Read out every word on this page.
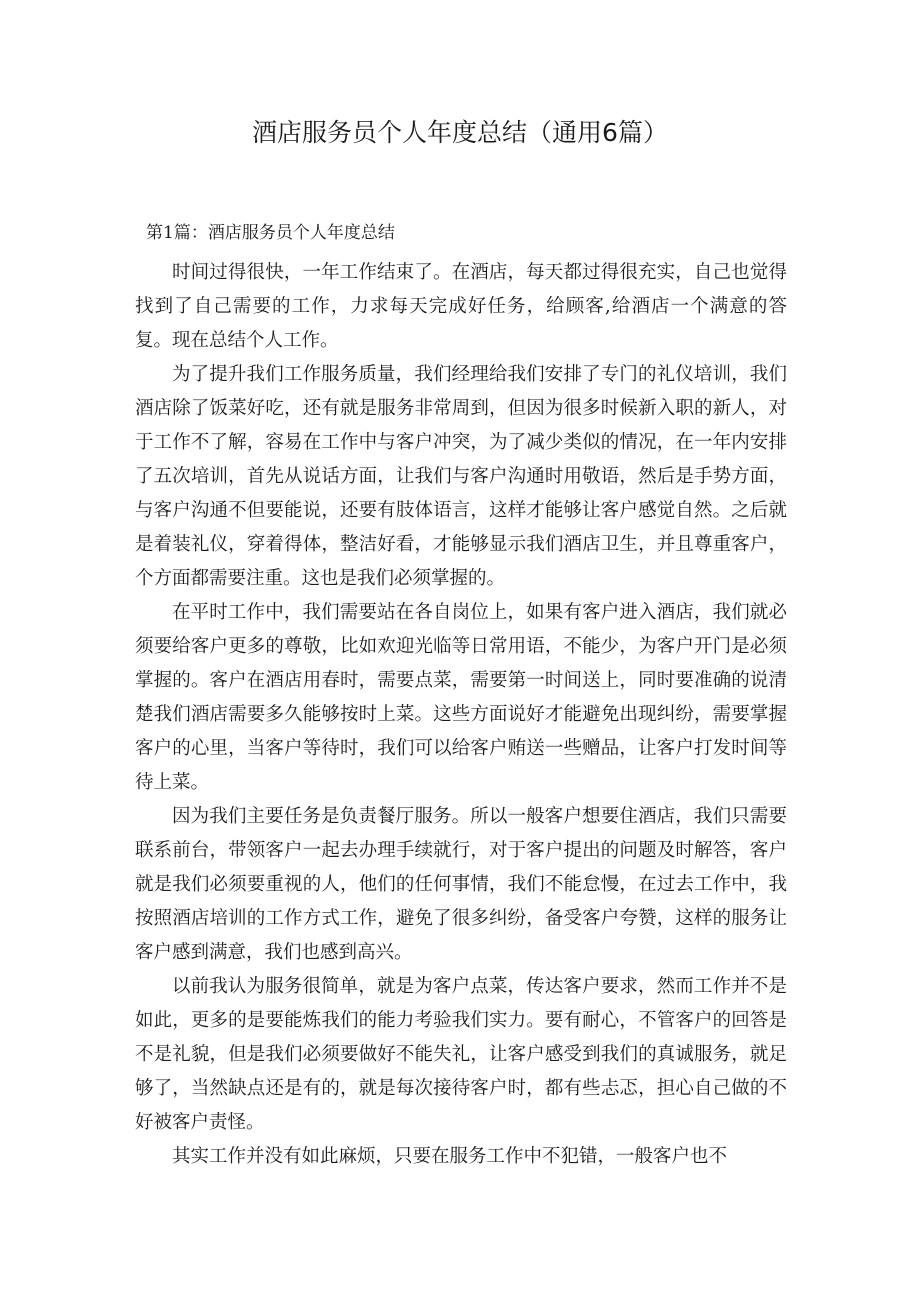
酒店服务员个人年度总结（通用6篇）
第1篇：酒店服务员个人年度总结

时间过得很快，一年工作结束了。在酒店，每天都过得很充实，自己也觉得找到了自己需要的工作，力求每天完成好任务，给顾客,给酒店一个满意的答复。现在总结个人工作。

为了提升我们工作服务质量，我们经理给我们安排了专门的礼仪培训，我们酒店除了饭菜好吃，还有就是服务非常周到，但因为很多时候新入职的新人，对于工作不了解，容易在工作中与客户冲突，为了减少类似的情况，在一年内安排了五次培训，首先从说话方面，让我们与客户沟通时用敬语，然后是手势方面，与客户沟通不但要能说，还要有肢体语言，这样才能够让客户感觉自然。之后就是着装礼仪，穿着得体，整洁好看，才能够显示我们酒店卫生，并且尊重客户，个方面都需要注重。这也是我们必须掌握的。

在平时工作中，我们需要站在各自岗位上，如果有客户进入酒店，我们就必须要给客户更多的尊敬，比如欢迎光临等日常用语，不能少，为客户开门是必须掌握的。客户在酒店用春时，需要点菜，需要第一时间送上，同时要准确的说清楚我们酒店需要多久能够按时上菜。这些方面说好才能避免出现纠纷，需要掌握客户的心里，当客户等待时，我们可以给客户贿送一些赠品，让客户打发时间等待上菜。

因为我们主要任务是负责餐厅服务。所以一般客户想要住酒店，我们只需要联系前台，带领客户一起去办理手续就行，对于客户提出的问题及时解答，客户就是我们必须要重视的人，他们的任何事情，我们不能怠慢，在过去工作中，我按照酒店培训的工作方式工作，避免了很多纠纷，备受客户夸赞，这样的服务让客户感到满意，我们也感到高兴。

以前我认为服务很简单，就是为客户点菜，传达客户要求，然而工作并不是如此，更多的是要能炼我们的能力考验我们实力。要有耐心，不管客户的回答是不是礼貌，但是我们必须要做好不能失礼，让客户感受到我们的真诚服务，就足够了，当然缺点还是有的，就是每次接待客户时，都有些忐忑，担心自己做的不好被客户责怪。

其实工作并没有如此麻烦，只要在服务工作中不犯错，一般客户也不
